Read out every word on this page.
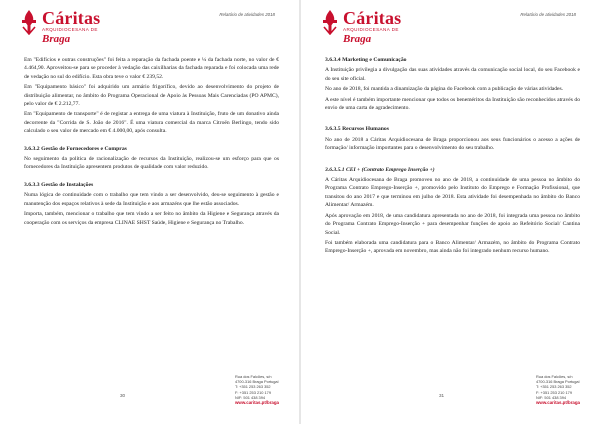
Cáritas
ARQUIDIOCESANA DE
Braga
Relatório de atividades 2018

Em "Edifícios e outras construções" foi feita a reparação da fachada poente e ¼ da fachada norte, no valor de € 4.464,90. Aproveitou-se para se proceder à vedação das caixilharias da fachada reparada e foi colocada uma rede de vedação no sul do edifício. Esta obra teve o valor € 239,52.

Em "Equipamento básico" foi adquirido um armário frigorífico, devido ao desenvolvimento do projeto de distribuição alimentar, no âmbito do Programa Operacional de Apoio às Pessoas Mais Carenciadas (PO APMC), pelo valor de € 2.212,77.

Em "Equipamento de transporte" é de registar a entrega de uma viatura à Instituição, fruto de um donativo ainda decorrente da "Corrida de S. João de 2016". É uma viatura comercial da marca Citroën Berlingo, tendo sido calculado o seu valor de mercado em € 4.000,00, após consulta.

3.6.3.2 Gestão de Fornecedores e Compras

No seguimento da política de racionalização de recursos da Instituição, realizou-se um esforço para que os fornecedores da Instituição apresentem produtos de qualidade com valor reduzido.

3.6.3.3 Gestão de Instalações

Numa lógica de continuidade com o trabalho que tem vindo a ser desenvolvido, deu-se seguimento à gestão e manutenção dos espaços relativos à sede da Instituição e aos armazéns que lhe estão associados.

Importa, também, mencionar o trabalho que tem vindo a ser feito no âmbito da Higiene e Segurança através da cooperação com os serviços da empresa CLINAE SHST Saúde, Higiene e Segurança no Trabalho.

30
Rua dos Falcões, s/n
4700-316 Braga Portugal
T: +351 253 263 352
F: +351 253 210 179
NIF: 501 438 394
www.caritas.pt/braga
Cáritas
ARQUIDIOCESANA DE
Braga
Relatório de atividades 2018
3.6.3.4 Marketing e Comunicação

A Instituição privilegia a divulgação das suas atividades através da comunicação social local, do seu Facebook e do seu site oficial.

No ano de 2018, foi mantida a dinamização da página do Facebook com a publicação de várias atividades.

A este nível é também importante mencionar que todos os beneméritos da Instituição são reconhecidos através do envio de uma carta de agradecimento.

3.6.3.5 Recursos Humanos

No ano de 2018 a Cáritas Arquidiocesana de Braga proporcionou aos seus funcionários o acesso a ações de formação/ informação importantes para o desenvolvimento do seu trabalho.

3.6.3.5.1 CEI + (Contrato Emprego Inserção +)

A Cáritas Arquidiocesana de Braga promoveu no ano de 2018, a continuidade de uma pessoa no âmbito do Programa Contrato Emprego-Inserção +, promovido pelo Instituto do Emprego e Formação Profissional, que transitou do ano 2017 e que terminou em julho de 2018. Esta atividade foi desempenhada no âmbito do Banco Alimentar/ Armazém.

Após aprovação em 2018, de uma candidatura apresentada no ano de 2018, foi integrada uma pessoa no âmbito do Programa Contrato Emprego-Inserção + para desempenhar funções de apoio ao Refeitório Social/ Cantina Social.

Foi também elaborada uma candidatura para o Banco Alimentar/ Armazém, no âmbito do Programa Contrato Emprego-Inserção +, aprovada em novembro, mas ainda não foi integrado nenhum recurso humano.

31
Rua dos Falcões, s/n
4700-316 Braga Portugal
T: +351 253 263 352
F: +351 253 210 179
NIF: 501 438 394
www.caritas.pt/braga
